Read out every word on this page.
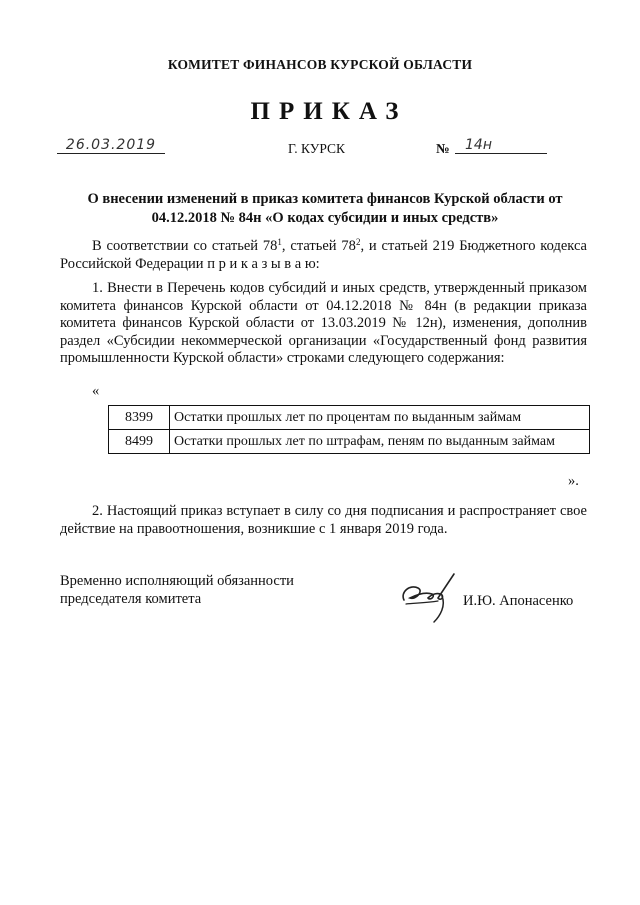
КОМИТЕТ ФИНАНСОВ КУРСКОЙ ОБЛАСТИ
ПРИКАЗ
26.03.2019	Г. КУРСК	№	14н
О внесении изменений в приказ комитета финансов Курской области от
04.12.2018 № 84н «О кодах субсидии и иных средств»

В соответствии со статьей $78^1$, статьей $78^2$, и статьей 219 Бюджетного кодекса Российской Федерации п р и к а з ы в а ю:

1. Внести в Перечень кодов субсидий и иных средств, утвержденный приказом комитета финансов Курской области от 04.12.2018 № 84н (в редакции приказа комитета финансов Курской области от 13.03.2019 № 12н), изменения, дополнив раздел «Субсидии некоммерческой организации «Государственный фонд развития промышленности Курской области» строками следующего содержания:

«
8399	Остатки прошлых лет по процентам по выданным займам
8499	Остатки прошлых лет по штрафам, пеням по выданным займам
».

2. Настоящий приказ вступает в силу со дня подписания и распространяет свое действие на правоотношения, возникшие с 1 января 2019 года.

Временно исполняющий обязанности
председателя комитета	И.Ю. Апонасенко
